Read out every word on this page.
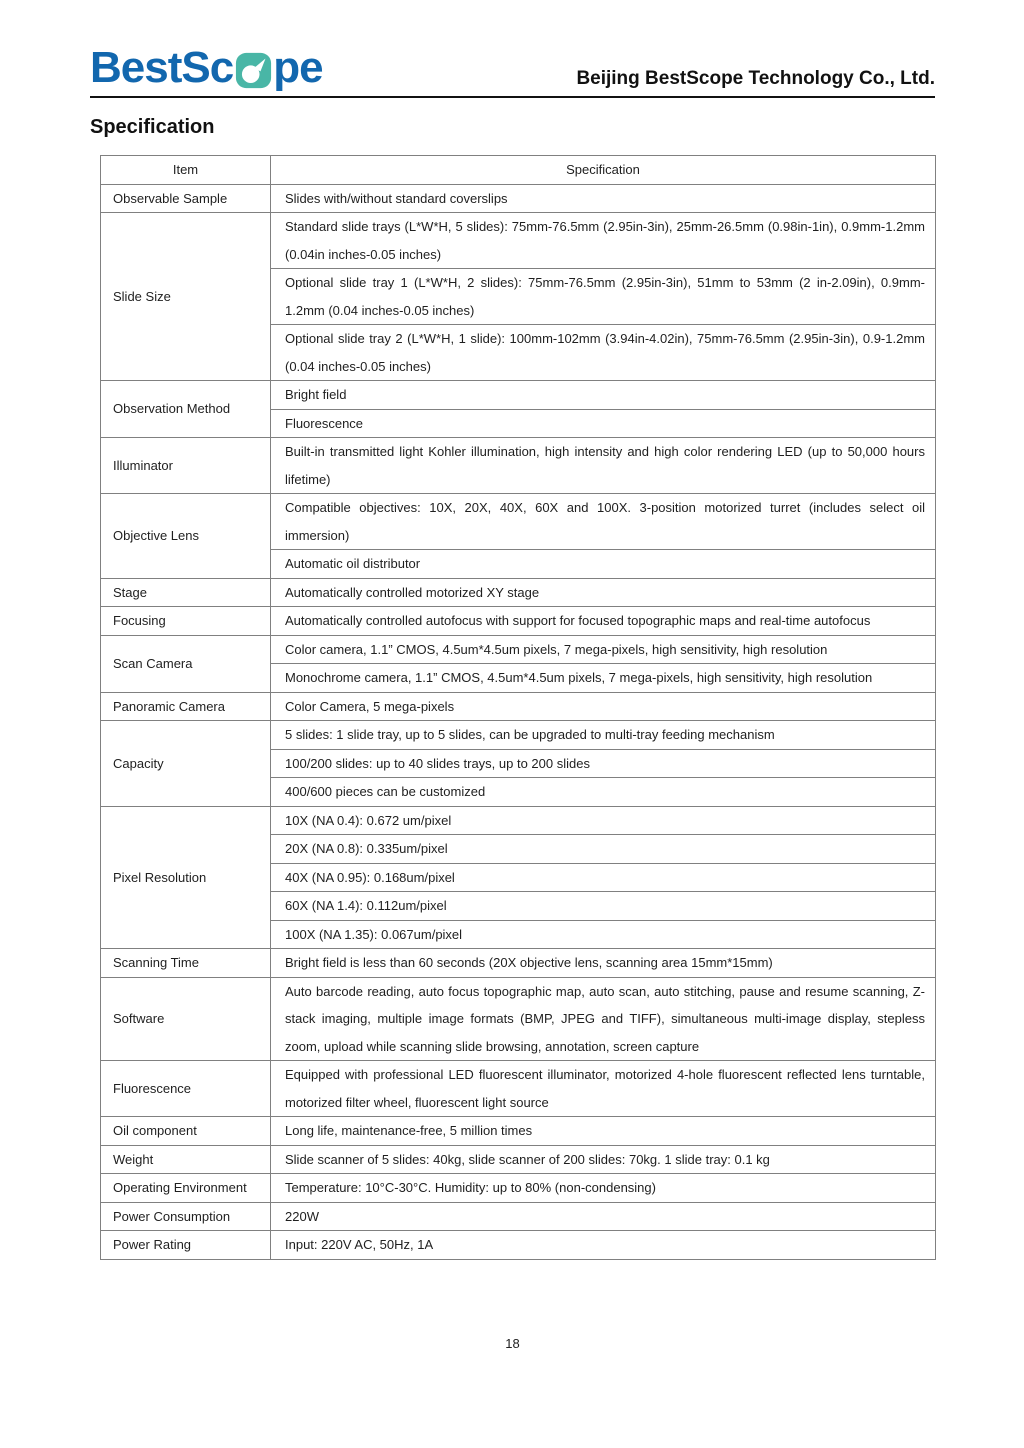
BestSc pe	Beijing BestScope Technology Co., Ltd.
Specification
Item	Specification
Observable Sample	Slides with/without standard coverslips
Slide Size	Standard slide trays (L*W*H, 5 slides): 75mm-76.5mm (2.95in-3in), 25mm-26.5mm (0.98in-1in), 0.9mm-1.2mm (0.04in inches-0.05 inches)
	Optional slide tray 1 (L*W*H, 2 slides): 75mm-76.5mm (2.95in-3in), 51mm to 53mm (2 in-2.09in), 0.9mm-1.2mm (0.04 inches-0.05 inches)
	Optional slide tray 2 (L*W*H, 1 slide): 100mm-102mm (3.94in-4.02in), 75mm-76.5mm (2.95in-3in), 0.9-1.2mm (0.04 inches-0.05 inches)
Observation Method	Bright field
	Fluorescence
Illuminator	Built-in transmitted light Kohler illumination, high intensity and high color rendering LED (up to 50,000 hours lifetime)
Objective Lens	Compatible objectives: 10X, 20X, 40X, 60X and 100X. 3-position motorized turret (includes select oil immersion)
	Automatic oil distributor
Stage	Automatically controlled motorized XY stage
Focusing	Automatically controlled autofocus with support for focused topographic maps and real-time autofocus
Scan Camera	Color camera, 1.1” CMOS, 4.5um*4.5um pixels, 7 mega-pixels, high sensitivity, high resolution
	Monochrome camera, 1.1” CMOS, 4.5um*4.5um pixels, 7 mega-pixels, high sensitivity, high resolution
Panoramic Camera	Color Camera, 5 mega-pixels
Capacity	5 slides: 1 slide tray, up to 5 slides, can be upgraded to multi-tray feeding mechanism
	100/200 slides: up to 40 slides trays, up to 200 slides
	400/600 pieces can be customized
Pixel Resolution	10X (NA 0.4): 0.672 um/pixel
	20X (NA 0.8): 0.335um/pixel
	40X (NA 0.95): 0.168um/pixel
	60X (NA 1.4): 0.112um/pixel
	100X (NA 1.35): 0.067um/pixel
Scanning Time	Bright field is less than 60 seconds (20X objective lens, scanning area 15mm*15mm)
Software	Auto barcode reading, auto focus topographic map, auto scan, auto stitching, pause and resume scanning, Z-stack imaging, multiple image formats (BMP, JPEG and TIFF), simultaneous multi-image display, stepless zoom, upload while scanning slide browsing, annotation, screen capture
Fluorescence	Equipped with professional LED fluorescent illuminator, motorized 4-hole fluorescent reflected lens turntable, motorized filter wheel, fluorescent light source
Oil component	Long life, maintenance-free, 5 million times
Weight	Slide scanner of 5 slides: 40kg, slide scanner of 200 slides: 70kg. 1 slide tray: 0.1 kg
Operating Environment	Temperature: 10°C-30°C. Humidity: up to 80% (non-condensing)
Power Consumption	220W
Power Rating	Input: 220V AC, 50Hz, 1A
18
